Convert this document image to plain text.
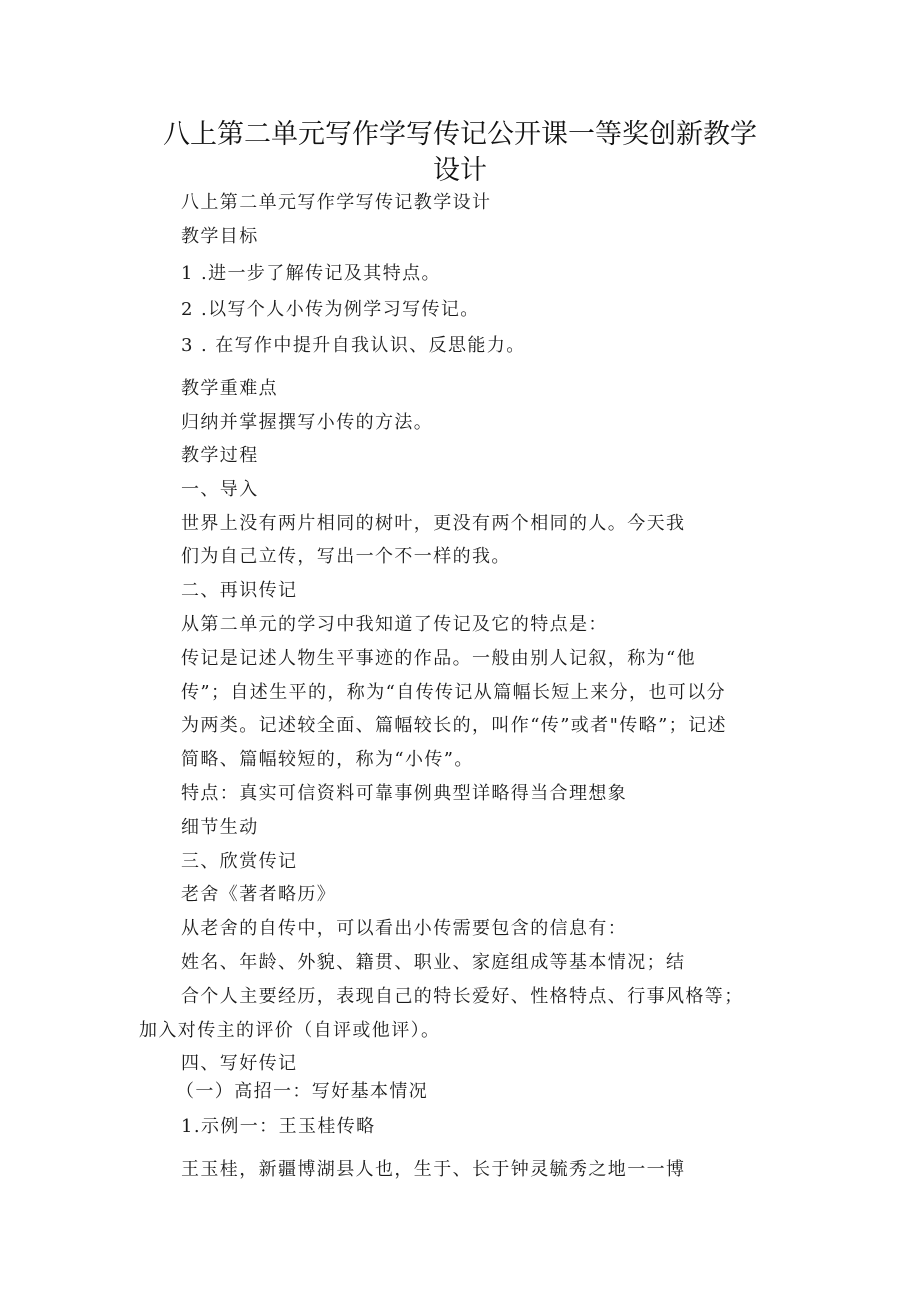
八上第二单元写作学写传记公开课一等奖创新教学
设计
八上第二单元写作学写传记教学设计
教学目标
1 .进一步了解传记及其特点。
2 .以写个人小传为例学习写传记。
3 . 在写作中提升自我认识、反思能力。
教学重难点
归纳并掌握撰写小传的方法。
教学过程
一、导入
世界上没有两片相同的树叶，更没有两个相同的人。今天我
们为自己立传，写出一个不一样的我。
二、再识传记
从第二单元的学习中我知道了传记及它的特点是：
传记是记述人物生平事迹的作品。一般由别人记叙，称为“他
传”；自述生平的，称为“自传传记从篇幅长短上来分，也可以分
为两类。记述较全面、篇幅较长的，叫作“传”或者"传略”；记述
简略、篇幅较短的，称为“小传”。
特点：真实可信资料可靠事例典型详略得当合理想象
细节生动
三、欣赏传记
老舍《著者略历》
从老舍的自传中，可以看出小传需要包含的信息有：
姓名、年龄、外貌、籍贯、职业、家庭组成等基本情况；结
合个人主要经历，表现自己的特长爱好、性格特点、行事风格等；
加入对传主的评价（自评或他评）。
四、写好传记
（一）高招一：写好基本情况
1.示例一：王玉桂传略
王玉桂，新疆博湖县人也，生于、长于钟灵毓秀之地一一博
